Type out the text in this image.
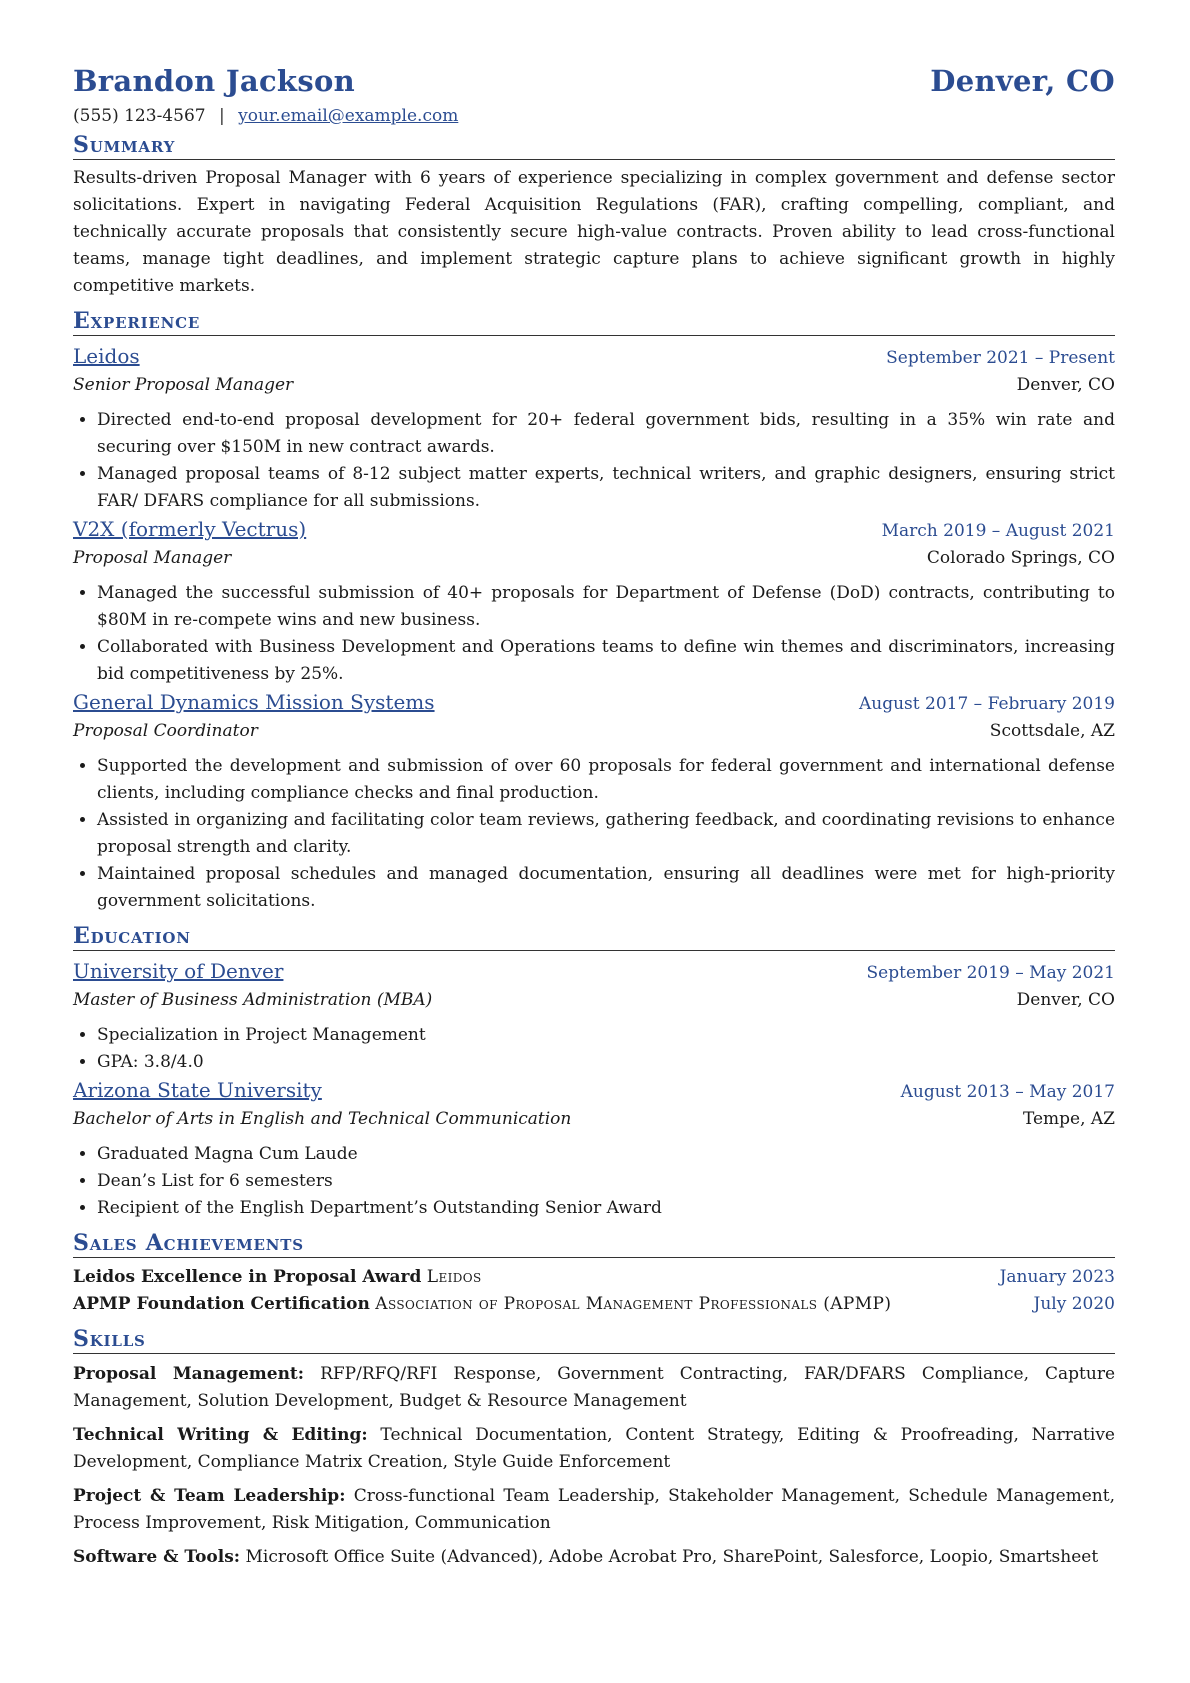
Brandon Jackson	Denver, CO
(555) 123-4567 | your.email@example.com
Summary
Results-driven Proposal Manager with 6 years of experience specializing in complex government and defense sector solicitations. Expert in navigating Federal Acquisition Regulations (FAR), crafting compelling, compliant, and technically accurate proposals that consistently secure high-value contracts. Proven ability to lead cross-functional teams, manage tight deadlines, and implement strategic capture plans to achieve significant growth in highly competitive markets.
Experience
Leidos	September 2021 – Present
Senior Proposal Manager	Denver, CO
• Directed end-to-end proposal development for 20+ federal government bids, resulting in a 35% win rate and securing over $150M in new contract awards.
• Managed proposal teams of 8-12 subject matter experts, technical writers, and graphic designers, ensuring strict FAR/ DFARS compliance for all submissions.
V2X (formerly Vectrus)	March 2019 – August 2021
Proposal Manager	Colorado Springs, CO
• Managed the successful submission of 40+ proposals for Department of Defense (DoD) contracts, contributing to $80M in re-compete wins and new business.
• Collaborated with Business Development and Operations teams to define win themes and discriminators, increasing bid competitiveness by 25%.
General Dynamics Mission Systems	August 2017 – February 2019
Proposal Coordinator	Scottsdale, AZ
• Supported the development and submission of over 60 proposals for federal government and international defense clients, including compliance checks and final production.
• Assisted in organizing and facilitating color team reviews, gathering feedback, and coordinating revisions to enhance proposal strength and clarity.
• Maintained proposal schedules and managed documentation, ensuring all deadlines were met for high-priority government solicitations.
Education
University of Denver	September 2019 – May 2021
Master of Business Administration (MBA)	Denver, CO
• Specialization in Project Management
• GPA: 3.8/4.0
Arizona State University	August 2013 – May 2017
Bachelor of Arts in English and Technical Communication	Tempe, AZ
• Graduated Magna Cum Laude
• Dean’s List for 6 semesters
• Recipient of the English Department’s Outstanding Senior Award
Sales Achievements
Leidos Excellence in Proposal Award Leidos	January 2023
APMP Foundation Certification Association of Proposal Management Professionals (APMP)	July 2020
Skills
Proposal Management: RFP/RFQ/RFI Response, Government Contracting, FAR/DFARS Compliance, Capture Management, Solution Development, Budget & Resource Management
Technical Writing & Editing: Technical Documentation, Content Strategy, Editing & Proofreading, Narrative Development, Compliance Matrix Creation, Style Guide Enforcement
Project & Team Leadership: Cross-functional Team Leadership, Stakeholder Management, Schedule Management, Process Improvement, Risk Mitigation, Communication
Software & Tools: Microsoft Office Suite (Advanced), Adobe Acrobat Pro, SharePoint, Salesforce, Loopio, Smartsheet
